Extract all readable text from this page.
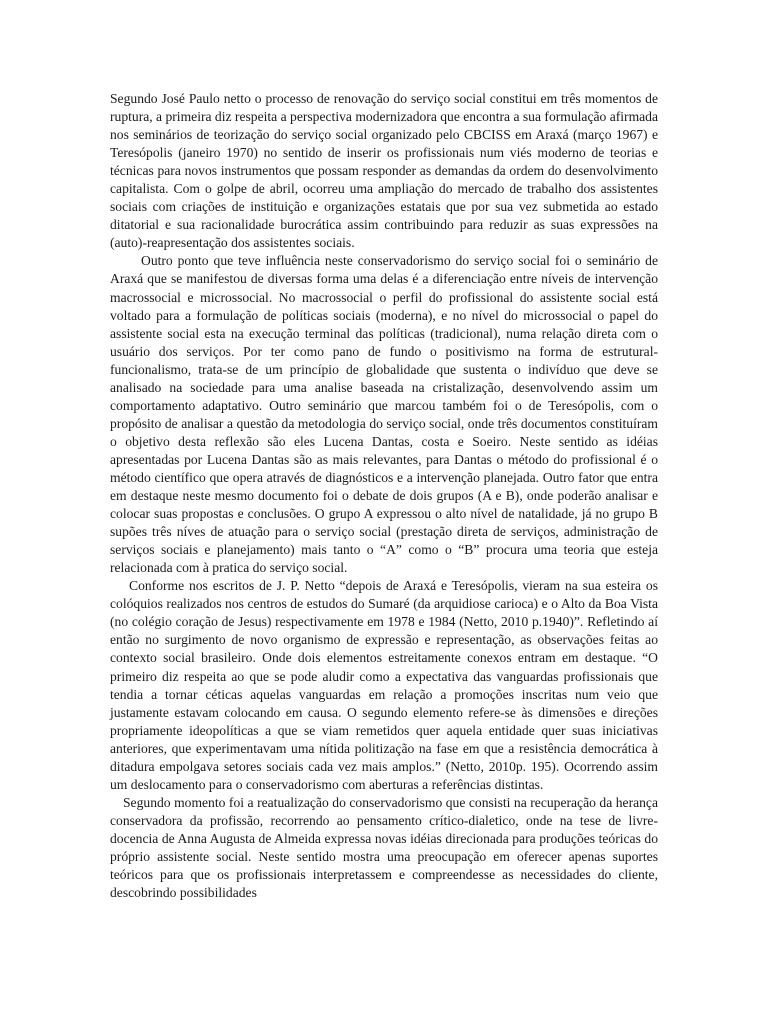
Segundo José Paulo netto o processo de renovação do serviço social constitui em três momentos de ruptura, a primeira diz respeita a perspectiva modernizadora que encontra a sua formulação afirmada nos seminários de teorização do serviço social organizado pelo CBCISS em Araxá (março 1967) e Teresópolis (janeiro 1970) no sentido de inserir os profissionais num viés moderno de teorias e técnicas para novos instrumentos que possam responder as demandas da ordem do desenvolvimento capitalista. Com o golpe de abril, ocorreu uma ampliação do mercado de trabalho dos assistentes sociais com criações de instituição e organizações estatais que por sua vez submetida ao estado ditatorial e sua racionalidade burocrática assim contribuindo para reduzir as suas expressões na (auto)-reapresentação dos assistentes sociais.

Outro ponto que teve influência neste conservadorismo do serviço social foi o seminário de Araxá que se manifestou de diversas forma uma delas é a diferenciação entre níveis de intervenção macrossocial e microssocial. No macrossocial o perfil do profissional do assistente social está voltado para a formulação de políticas sociais (moderna), e no nível do microssocial o papel do assistente social esta na execução terminal das políticas (tradicional), numa relação direta com o usuário dos serviços. Por ter como pano de fundo o positivismo na forma de estrutural-funcionalismo, trata-se de um princípio de globalidade que sustenta o indivíduo que deve se analisado na sociedade para uma analise baseada na cristalização, desenvolvendo assim um comportamento adaptativo. Outro seminário que marcou também foi o de Teresópolis, com o propósito de analisar a questão da metodologia do serviço social, onde três documentos constituíram o objetivo desta reflexão são eles Lucena Dantas, costa e Soeiro. Neste sentido as idéias apresentadas por Lucena Dantas são as mais relevantes, para Dantas o método do profissional é o método científico que opera através de diagnósticos e a intervenção planejada. Outro fator que entra em destaque neste mesmo documento foi o debate de dois grupos (A e B), onde poderão analisar e colocar suas propostas e conclusões. O grupo A expressou o alto nível de natalidade, já no grupo B supões três níves de atuação para o serviço social (prestação direta de serviços, administração de serviços sociais e planejamento) mais tanto o “A” como o “B” procura uma teoria que esteja relacionada com à pratica do serviço social.

Conforme nos escritos de J. P. Netto “depois de Araxá e Teresópolis, vieram na sua esteira os colóquios realizados nos centros de estudos do Sumaré (da arquidiose carioca) e o Alto da Boa Vista (no colégio coração de Jesus) respectivamente em 1978 e 1984 (Netto, 2010 p.1940)”. Refletindo aí então no surgimento de novo organismo de expressão e representação, as observações feitas ao contexto social brasileiro. Onde dois elementos estreitamente conexos entram em destaque. “O primeiro diz respeita ao que se pode aludir como a expectativa das vanguardas profissionais que tendia a tornar céticas aquelas vanguardas em relação a promoções inscritas num veio que justamente estavam colocando em causa. O segundo elemento refere-se às dimensões e direções propriamente ideopolíticas a que se viam remetidos quer aquela entidade quer suas iniciativas anteriores, que experimentavam uma nítida politização na fase em que a resistência democrática à ditadura empolgava setores sociais cada vez mais amplos.” (Netto, 2010p. 195). Ocorrendo assim um deslocamento para o conservadorismo com aberturas a referências distintas.

Segundo momento foi a reatualização do conservadorismo que consisti na recuperação da herança conservadora da profissão, recorrendo ao pensamento crítico-dialetico, onde na tese de livre-docencia de Anna Augusta de Almeida expressa novas idéias direcionada para produções teóricas do próprio assistente social. Neste sentido mostra uma preocupação em oferecer apenas suportes teóricos para que os profissionais interpretassem e compreendesse as necessidades do cliente, descobrindo possibilidades
